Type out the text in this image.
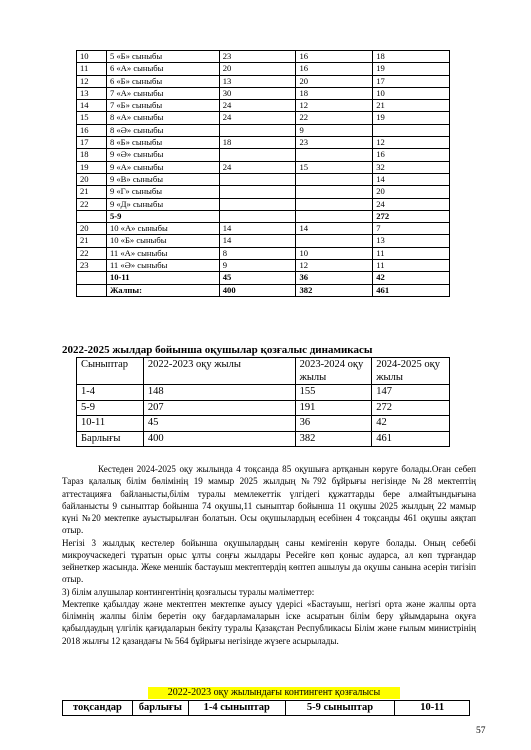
10	5 «Б» сыныбы	23	16	18
11	6 «А» сыныбы	20	16	19
12	6 «Б» сыныбы	13	20	17
13	7 «А» сыныбы	30	18	10
14	7 «Б» сыныбы	24	12	21
15	8 «А» сыныбы	24	22	19
16	8 «Ә» сыныбы		9	
17	8 «Б» сыныбы	18	23	12
18	9 «Ә» сыныбы			16
19	9 «А» сыныбы	24	15	32
20	9 «В» сыныбы			14
21	9 «Г» сыныбы			20
22	9 «Д» сыныбы			24
	5-9			272
20	10 «А» сыныбы	14	14	7
21	10 «Б» сыныбы	14		13
22	11 «А» сыныбы	8	10	11
23	11 «Ә» сыныбы	9	12	11
	10-11	45	36	42
	Жалпы:	400	382	461
2022-2025 жылдар бойынша оқушылар қозғалыс динамикасы
Сыныптар	2022-2023 оқу жылы	2023-2024 оқу жылы	2024-2025 оқу жылы
1-4	148	155	147
5-9	207	191	272
10-11	45	36	42
Барлығы	400	382	461

Кестеден 2024-2025 оқу жылында 4 тоқсанда 85 оқушыға артқанын көруге болады.Оған себеп Тараз қалалық білім бөлімінің 19 мамыр 2025 жылдың №792 бұйрығы негізінде №28 мектептің аттестацияға байланысты,білім туралы мемлекеттік үлгідегі құжаттарды бере алмайтындығына байланысты 9 сыныптар бойынша 74 оқушы,11 сыныптар бойынша 11 оқушы 2025 жылдың 22 мамыр күні №20 мектепке ауыстырылған болатын. Осы оқушылардың есебінен 4 тоқсанды 461 оқушы аяқтап отыр.

Негізі 3 жылдық кестелер бойынша оқушылардың саны кемігенін көруге болады. Оның себебі микроучаскедегі тұратын орыс ұлты соңғы жылдары Ресейге көп қоныс аударса, ал көп тұрғандар зейнеткер жасында. Жеке меншік бастауыш мектептердің көптеп ашылуы да оқушы санына әсерін тигізіп отыр.

3) білім алушылар контингентінің қозғалысы туралы мәліметтер:

Мектепке қабылдау және мектептен мектепке ауысу үдерісі «Бастауыш, негізгі орта және жалпы орта білімнің жалпы білім беретін оқу бағдарламаларын іске асыратын білім беру ұйымдарына оқуға қабылдаудың үлгілік қағидаларын бекіту туралы Қазақстан Республикасы Білім және ғылым министрінің 2018 жылғы 12 қазандағы № 564 бұйрығы негізінде жүзеге асырылады.

2022-2023 оқу жылындағы контингент қозғалысы
тоқсандар	барлығы	1-4 сыныптар	5-9 сыныптар	10-11
57
